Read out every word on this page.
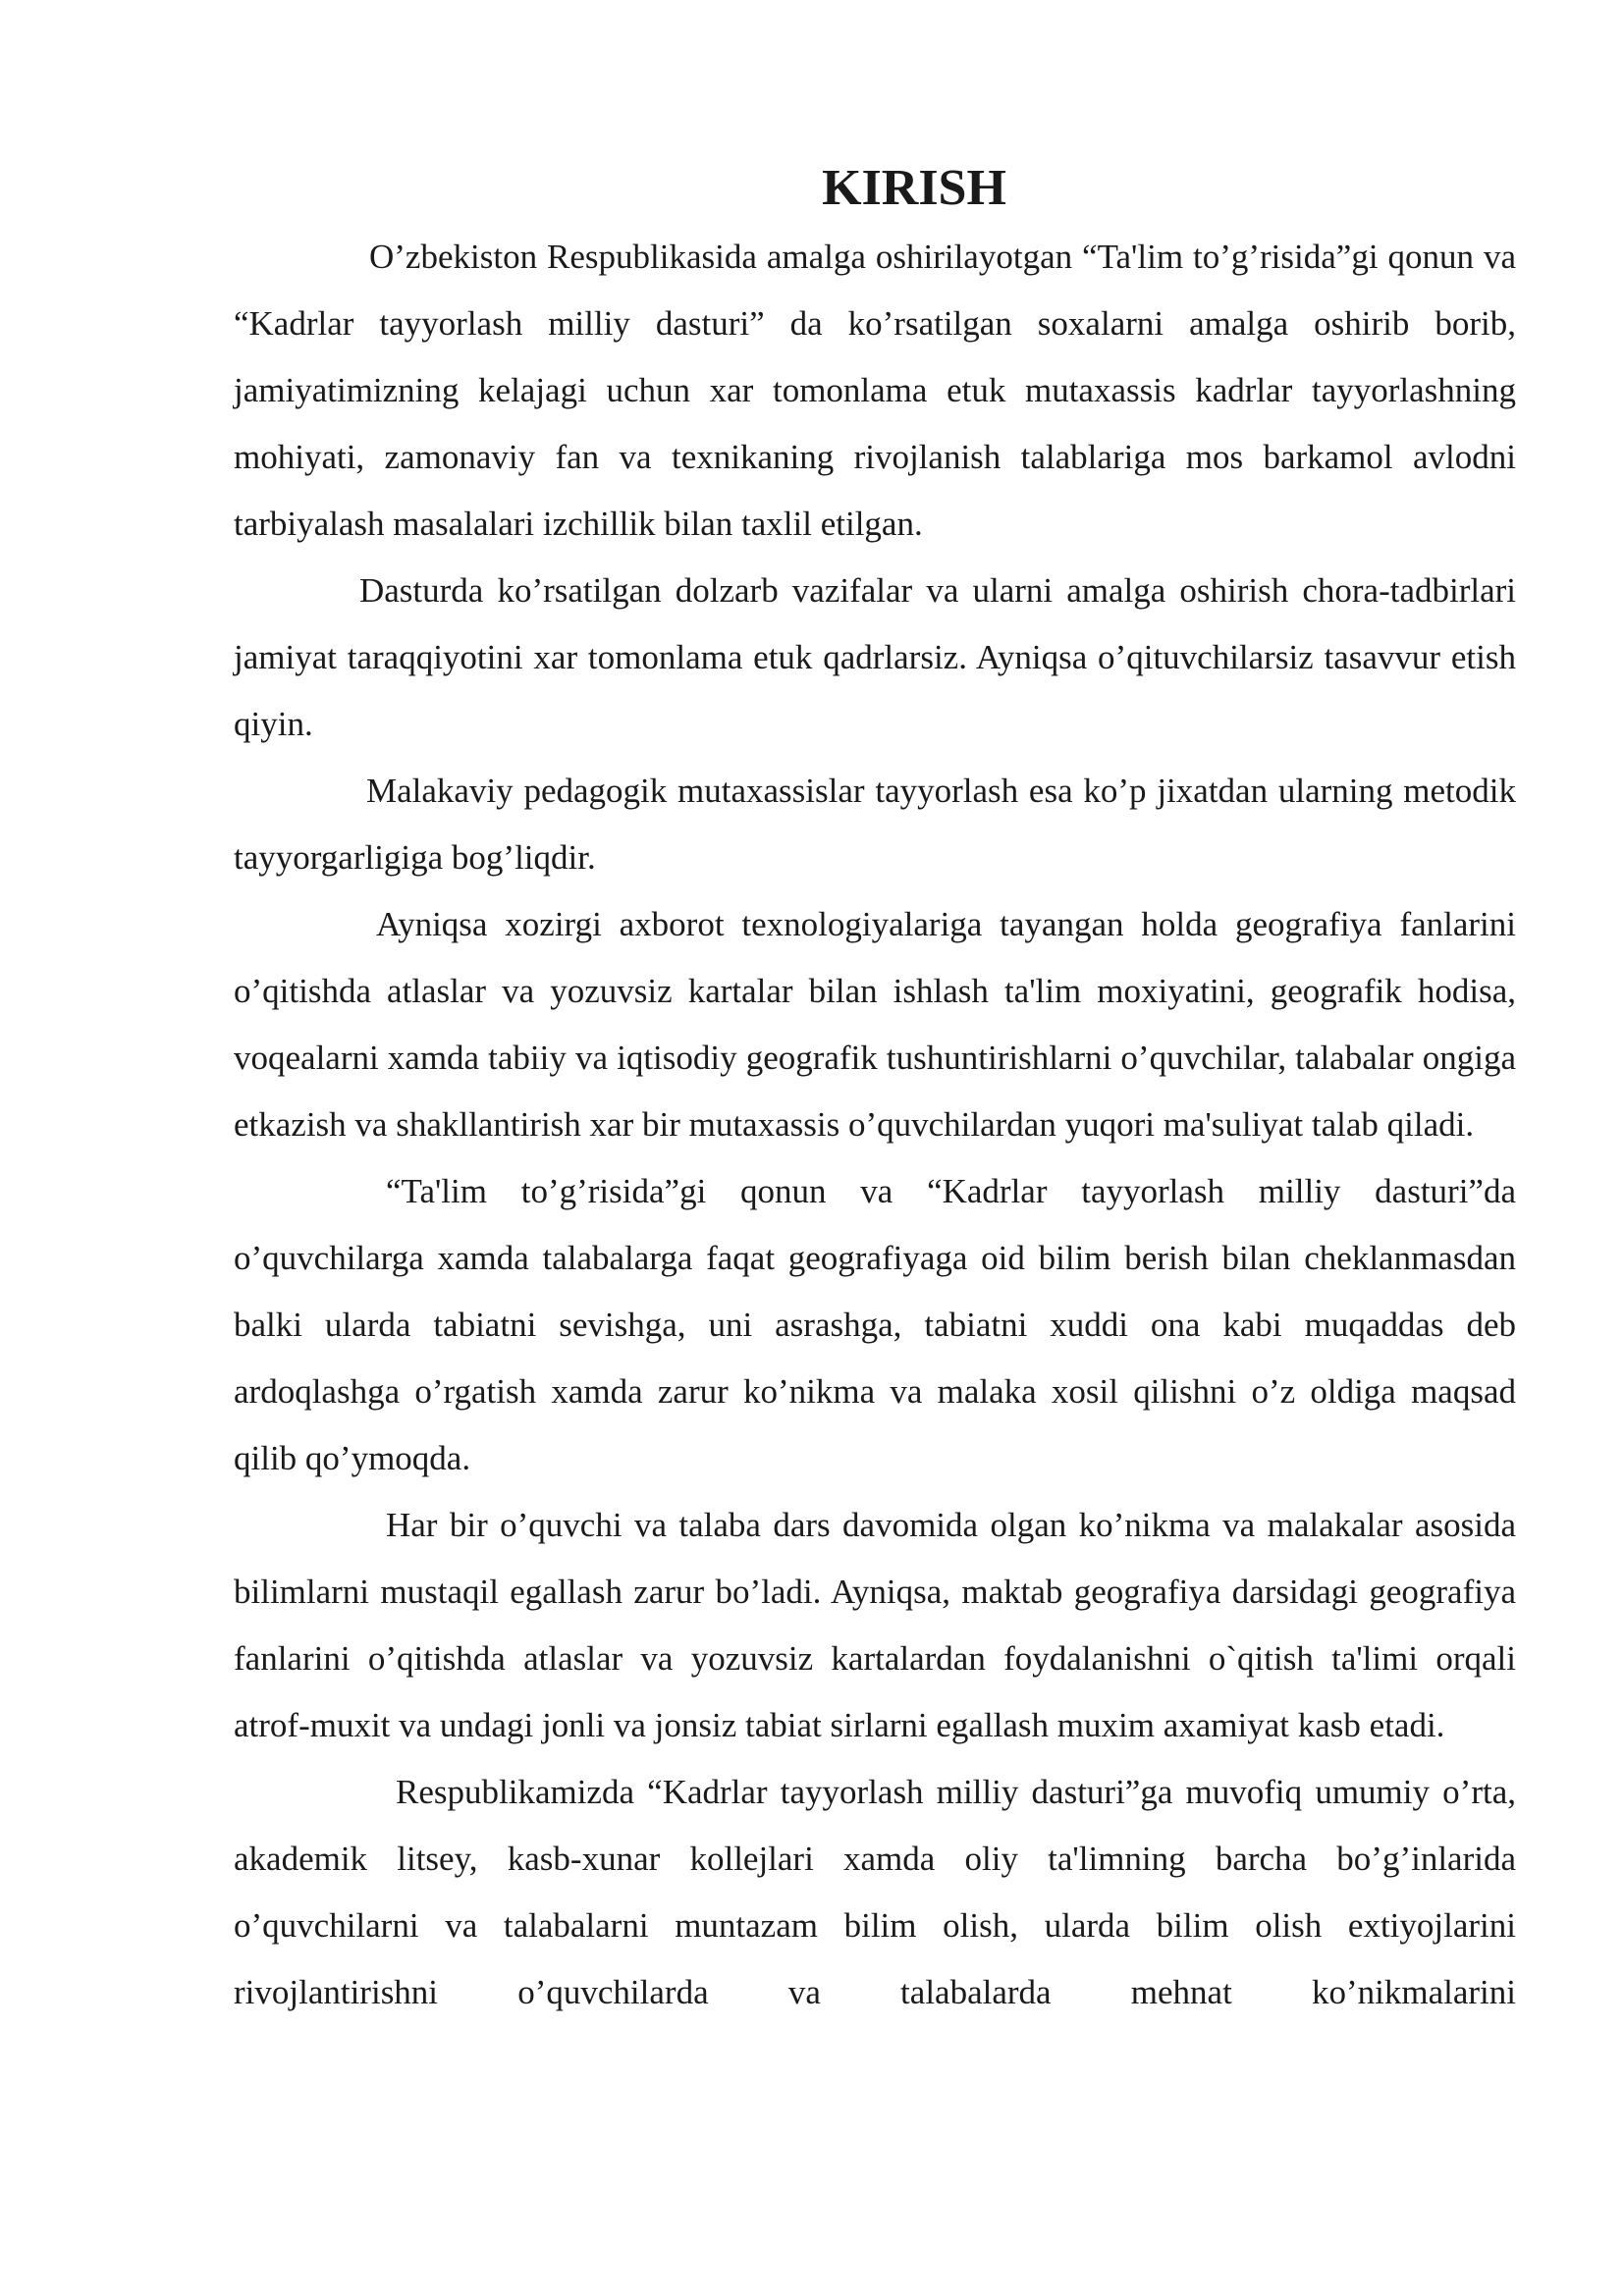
KIRISH

O’zbekiston Respublikasida amalga oshirilayotgan “Ta'lim to’g’risida”gi qonun va “Kadrlar tayyorlash milliy dasturi” da ko’rsatilgan soxalarni amalga oshirib borib, jamiyatimizning kelajagi uchun xar tomonlama etuk mutaxassis kadrlar tayyorlashning mohiyati, zamonaviy fan va texnikaning rivojlanish talablariga mos barkamol avlodni tarbiyalash masalalari izchillik bilan taxlil etilgan.

Dasturda ko’rsatilgan dolzarb vazifalar va ularni amalga oshirish chora-tadbirlari jamiyat taraqqiyotini xar tomonlama etuk qadrlarsiz. Ayniqsa o’qituvchilarsiz tasavvur etish qiyin.

Malakaviy pedagogik mutaxassislar tayyorlash esa ko’p jixatdan ularning metodik tayyorgarligiga bog’liqdir.

Ayniqsa xozirgi axborot texnologiyalariga tayangan holda geografiya fanlarini o’qitishda atlaslar va yozuvsiz kartalar bilan ishlash ta'lim moxiyatini, geografik hodisa, voqealarni xamda tabiiy va iqtisodiy geografik tushuntirishlarni o’quvchilar, talabalar ongiga etkazish va shakllantirish xar bir mutaxassis o’quvchilardan yuqori ma'suliyat talab qiladi.

“Ta'lim to’g’risida”gi qonun va “Kadrlar tayyorlash milliy dasturi”da o’quvchilarga xamda talabalarga faqat geografiyaga oid bilim berish bilan cheklanmasdan balki ularda tabiatni sevishga, uni asrashga, tabiatni xuddi ona kabi muqaddas deb ardoqlashga o’rgatish xamda zarur ko’nikma va malaka xosil qilishni o’z oldiga maqsad qilib qo’ymoqda.

Har bir o’quvchi va talaba dars davomida olgan ko’nikma va malakalar asosida bilimlarni mustaqil egallash zarur bo’ladi. Ayniqsa, maktab geografiya darsidagi geografiya fanlarini o’qitishda atlaslar va yozuvsiz kartalardan foydalanishni o`qitish ta'limi orqali atrof-muxit va undagi jonli va jonsiz tabiat sirlarni egallash muxim axamiyat kasb etadi.

Respublikamizda “Kadrlar tayyorlash milliy dasturi”ga muvofiq umumiy o’rta, akademik litsey, kasb-xunar kollejlari xamda oliy ta'limning barcha bo’g’inlarida o’quvchilarni va talabalarni muntazam bilim olish, ularda bilim olish extiyojlarini rivojlantirishni o’quvchilarda va talabalarda mehnat ko’nikmalarini
